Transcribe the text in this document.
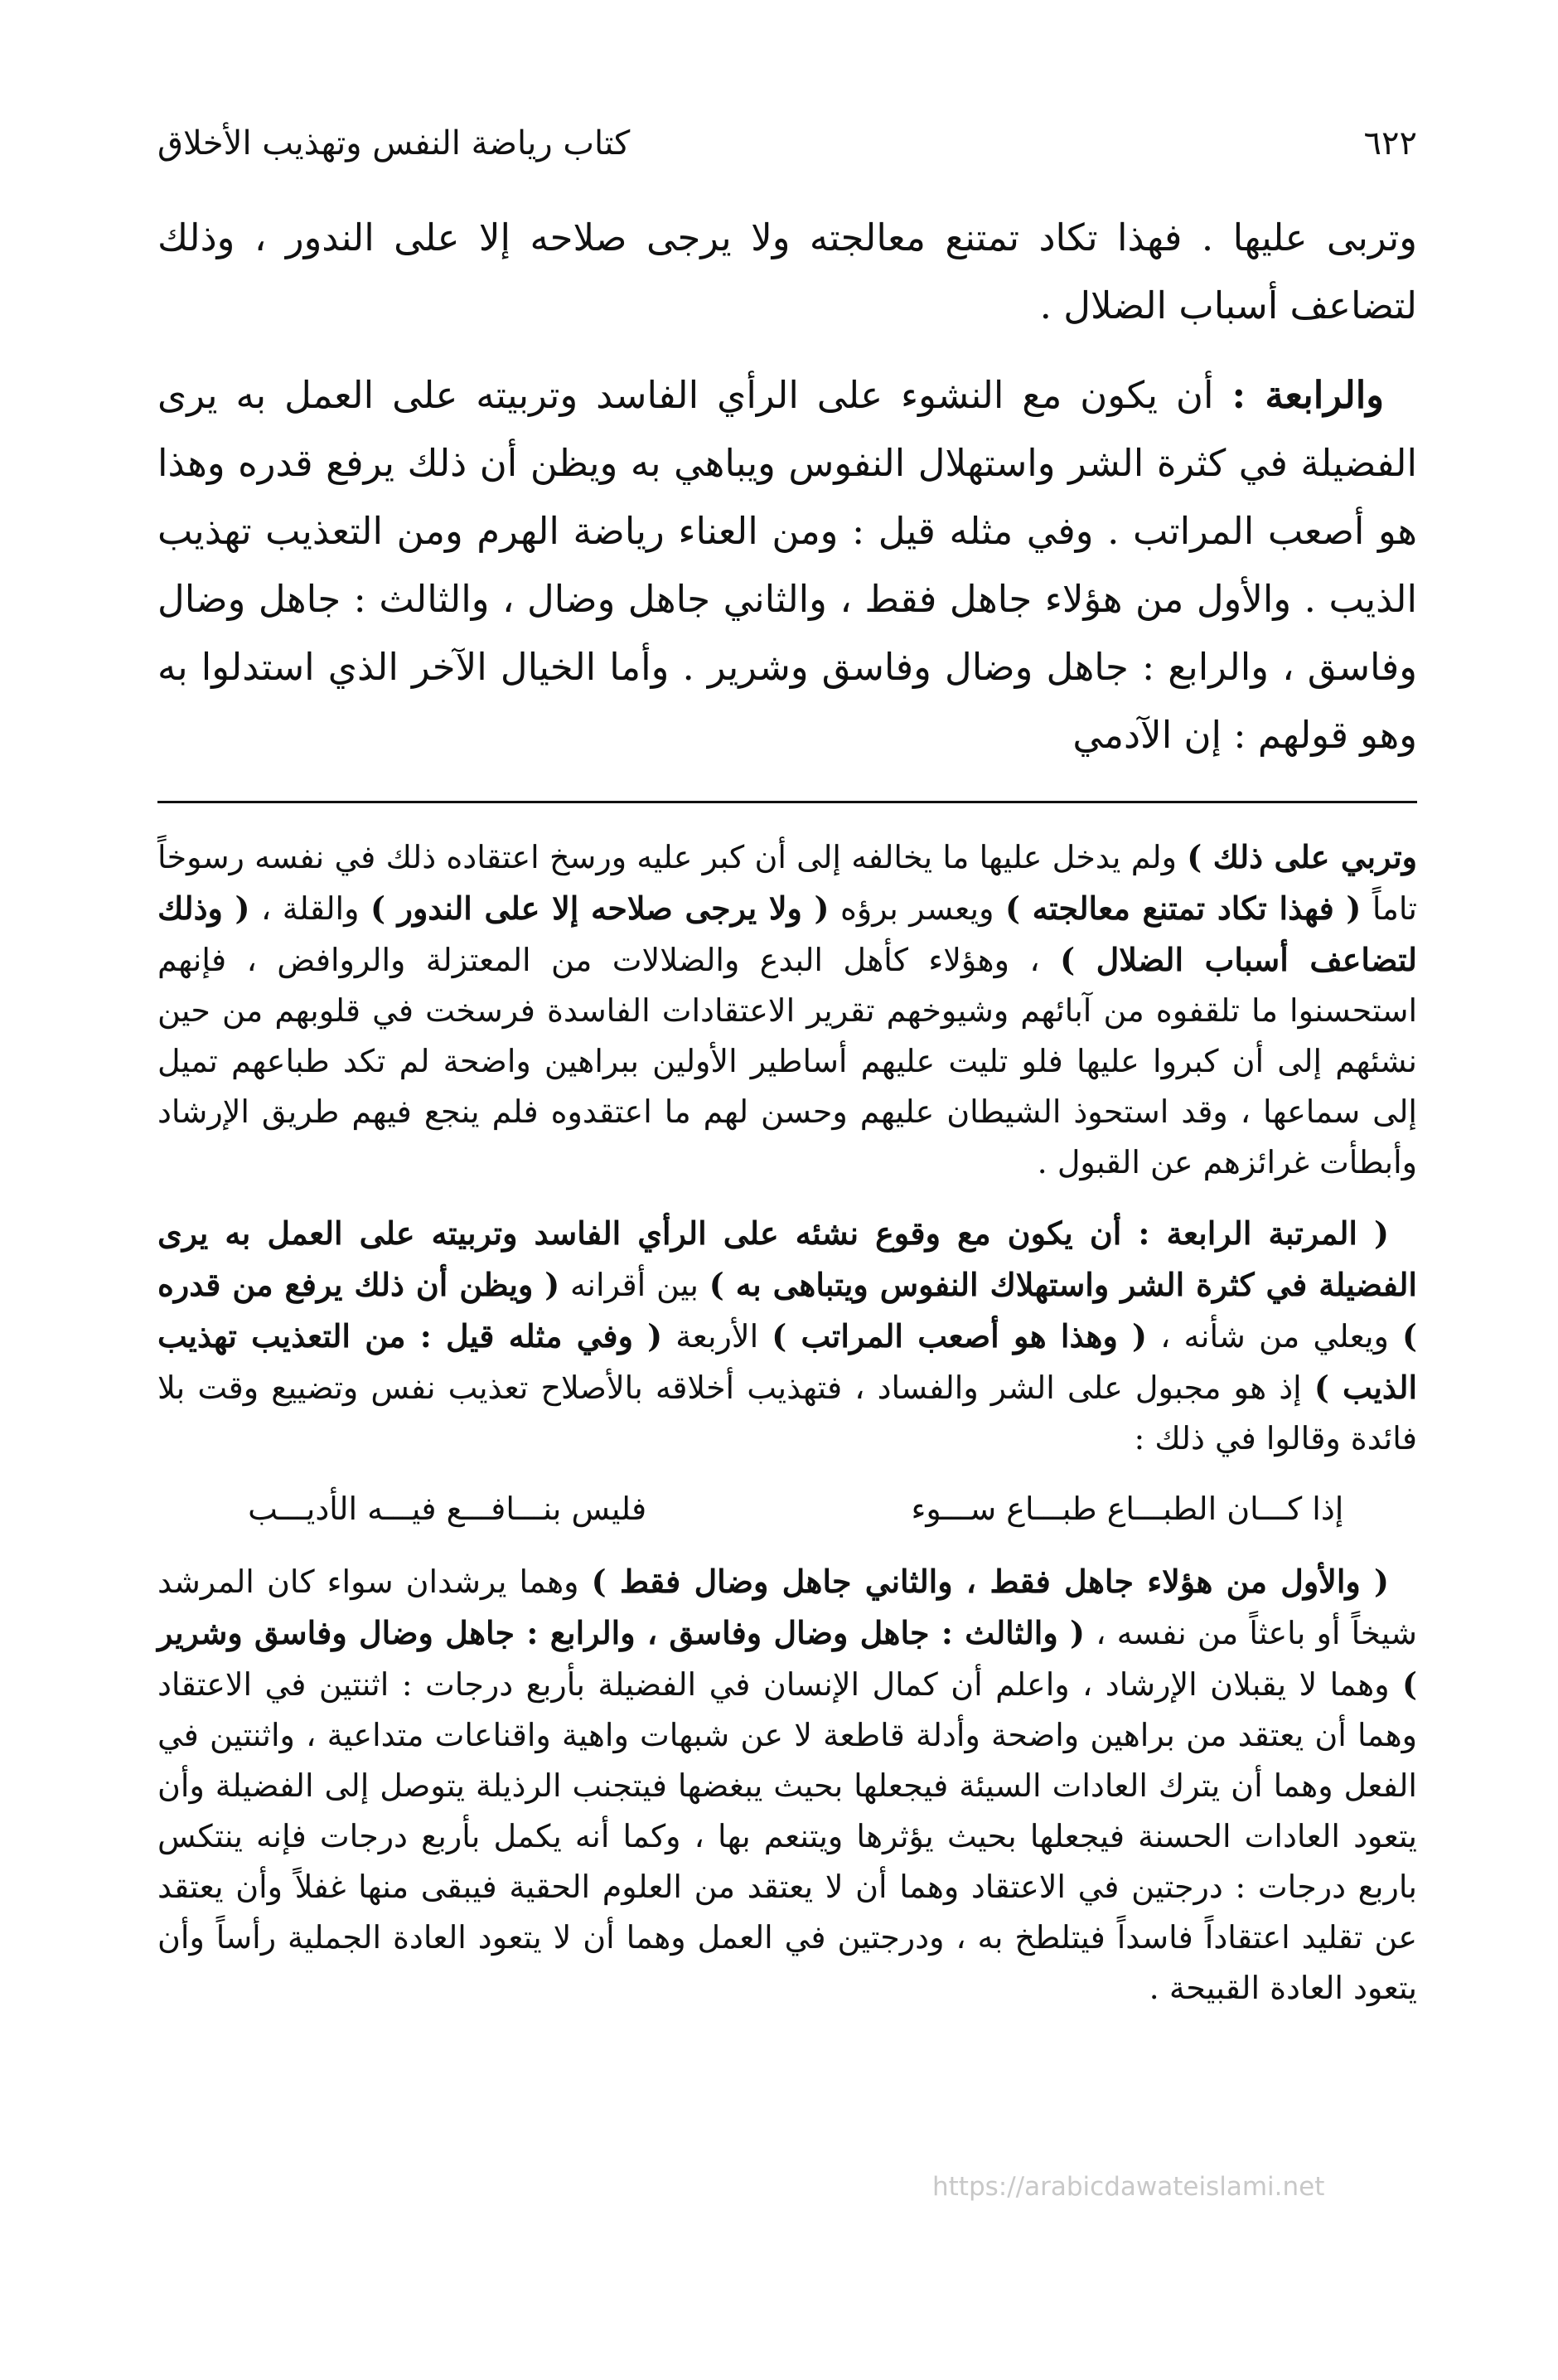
٦٢٢
كتاب رياضة النفس وتهذيب الأخلاق

وتربى عليها . فهذا تكاد تمتنع معالجته ولا يرجى صلاحه إلا على الندور ، وذلك لتضاعف أسباب الضلال .

والرابعة : أن يكون مع النشوء على الرأي الفاسد وتربيته على العمل به يرى الفضيلة في كثرة الشر واستهلال النفوس ويباهي به ويظن أن ذلك يرفع قدره وهذا هو أصعب المراتب . وفي مثله قيل : ومن العناء رياضة الهرم ومن التعذيب تهذيب الذيب . والأول من هؤلاء جاهل فقط ، والثاني جاهل وضال ، والثالث : جاهل وضال وفاسق ، والرابع : جاهل وضال وفاسق وشرير . وأما الخيال الآخر الذي استدلوا به وهو قولهم : إن الآدمي

وتربي على ذلك ) ولم يدخل عليها ما يخالفه إلى أن كبر عليه ورسخ اعتقاده ذلك في نفسه رسوخاً تاماً ( فهذا تكاد تمتنع معالجته ) ويعسر برؤه ( ولا يرجى صلاحه إلا على الندور ) والقلة ، ( وذلك لتضاعف أسباب الضلال ) ، وهؤلاء كأهل البدع والضلالات من المعتزلة والروافض ، فإنهم استحسنوا ما تلقفوه من آبائهم وشيوخهم تقرير الاعتقادات الفاسدة فرسخت في قلوبهم من حين نشئهم إلى أن كبروا عليها فلو تليت عليهم أساطير الأولين ببراهين واضحة لم تكد طباعهم تميل إلى سماعها ، وقد استحوذ الشيطان عليهم وحسن لهم ما اعتقدوه فلم ينجع فيهم طريق الإرشاد وأبطأت غرائزهم عن القبول .

( المرتبة الرابعة : أن يكون مع وقوع نشئه على الرأي الفاسد وتربيته على العمل به يرى الفضيلة في كثرة الشر واستهلاك النفوس ويتباهى به ) بين أقرانه ( ويظن أن ذلك يرفع من قدره ) ويعلي من شأنه ، ( وهذا هو أصعب المراتب ) الأربعة ( وفي مثله قيل : من التعذيب تهذيب الذيب ) إذ هو مجبول على الشر والفساد ، فتهذيب أخلاقه بالأصلاح تعذيب نفس وتضييع وقت بلا فائدة وقالوا في ذلك :

إذا كـــان الطبـــاع طبـــاع ســـوء
فليس بنـــافـــع فيـــه الأديـــب

( والأول من هؤلاء جاهل فقط ، والثاني جاهل وضال فقط ) وهما يرشدان سواء كان المرشد شيخاً أو باعثاً من نفسه ، ( والثالث : جاهل وضال وفاسق ، والرابع : جاهل وضال وفاسق وشرير ) وهما لا يقبلان الإرشاد ، واعلم أن كمال الإنسان في الفضيلة بأربع درجات : اثنتين في الاعتقاد وهما أن يعتقد من براهين واضحة وأدلة قاطعة لا عن شبهات واهية واقناعات متداعية ، واثنتين في الفعل وهما أن يترك العادات السيئة فيجعلها بحيث يبغضها فيتجنب الرذيلة يتوصل إلى الفضيلة وأن يتعود العادات الحسنة فيجعلها بحيث يؤثرها ويتنعم بها ، وكما أنه يكمل بأربع درجات فإنه ينتكس باربع درجات : درجتين في الاعتقاد وهما أن لا يعتقد من العلوم الحقية فيبقى منها غفلاً وأن يعتقد عن تقليد اعتقاداً فاسداً فيتلطخ به ، ودرجتين في العمل وهما أن لا يتعود العادة الجملية رأساً وأن يتعود العادة القبيحة .

https://arabicdawateislami.net
